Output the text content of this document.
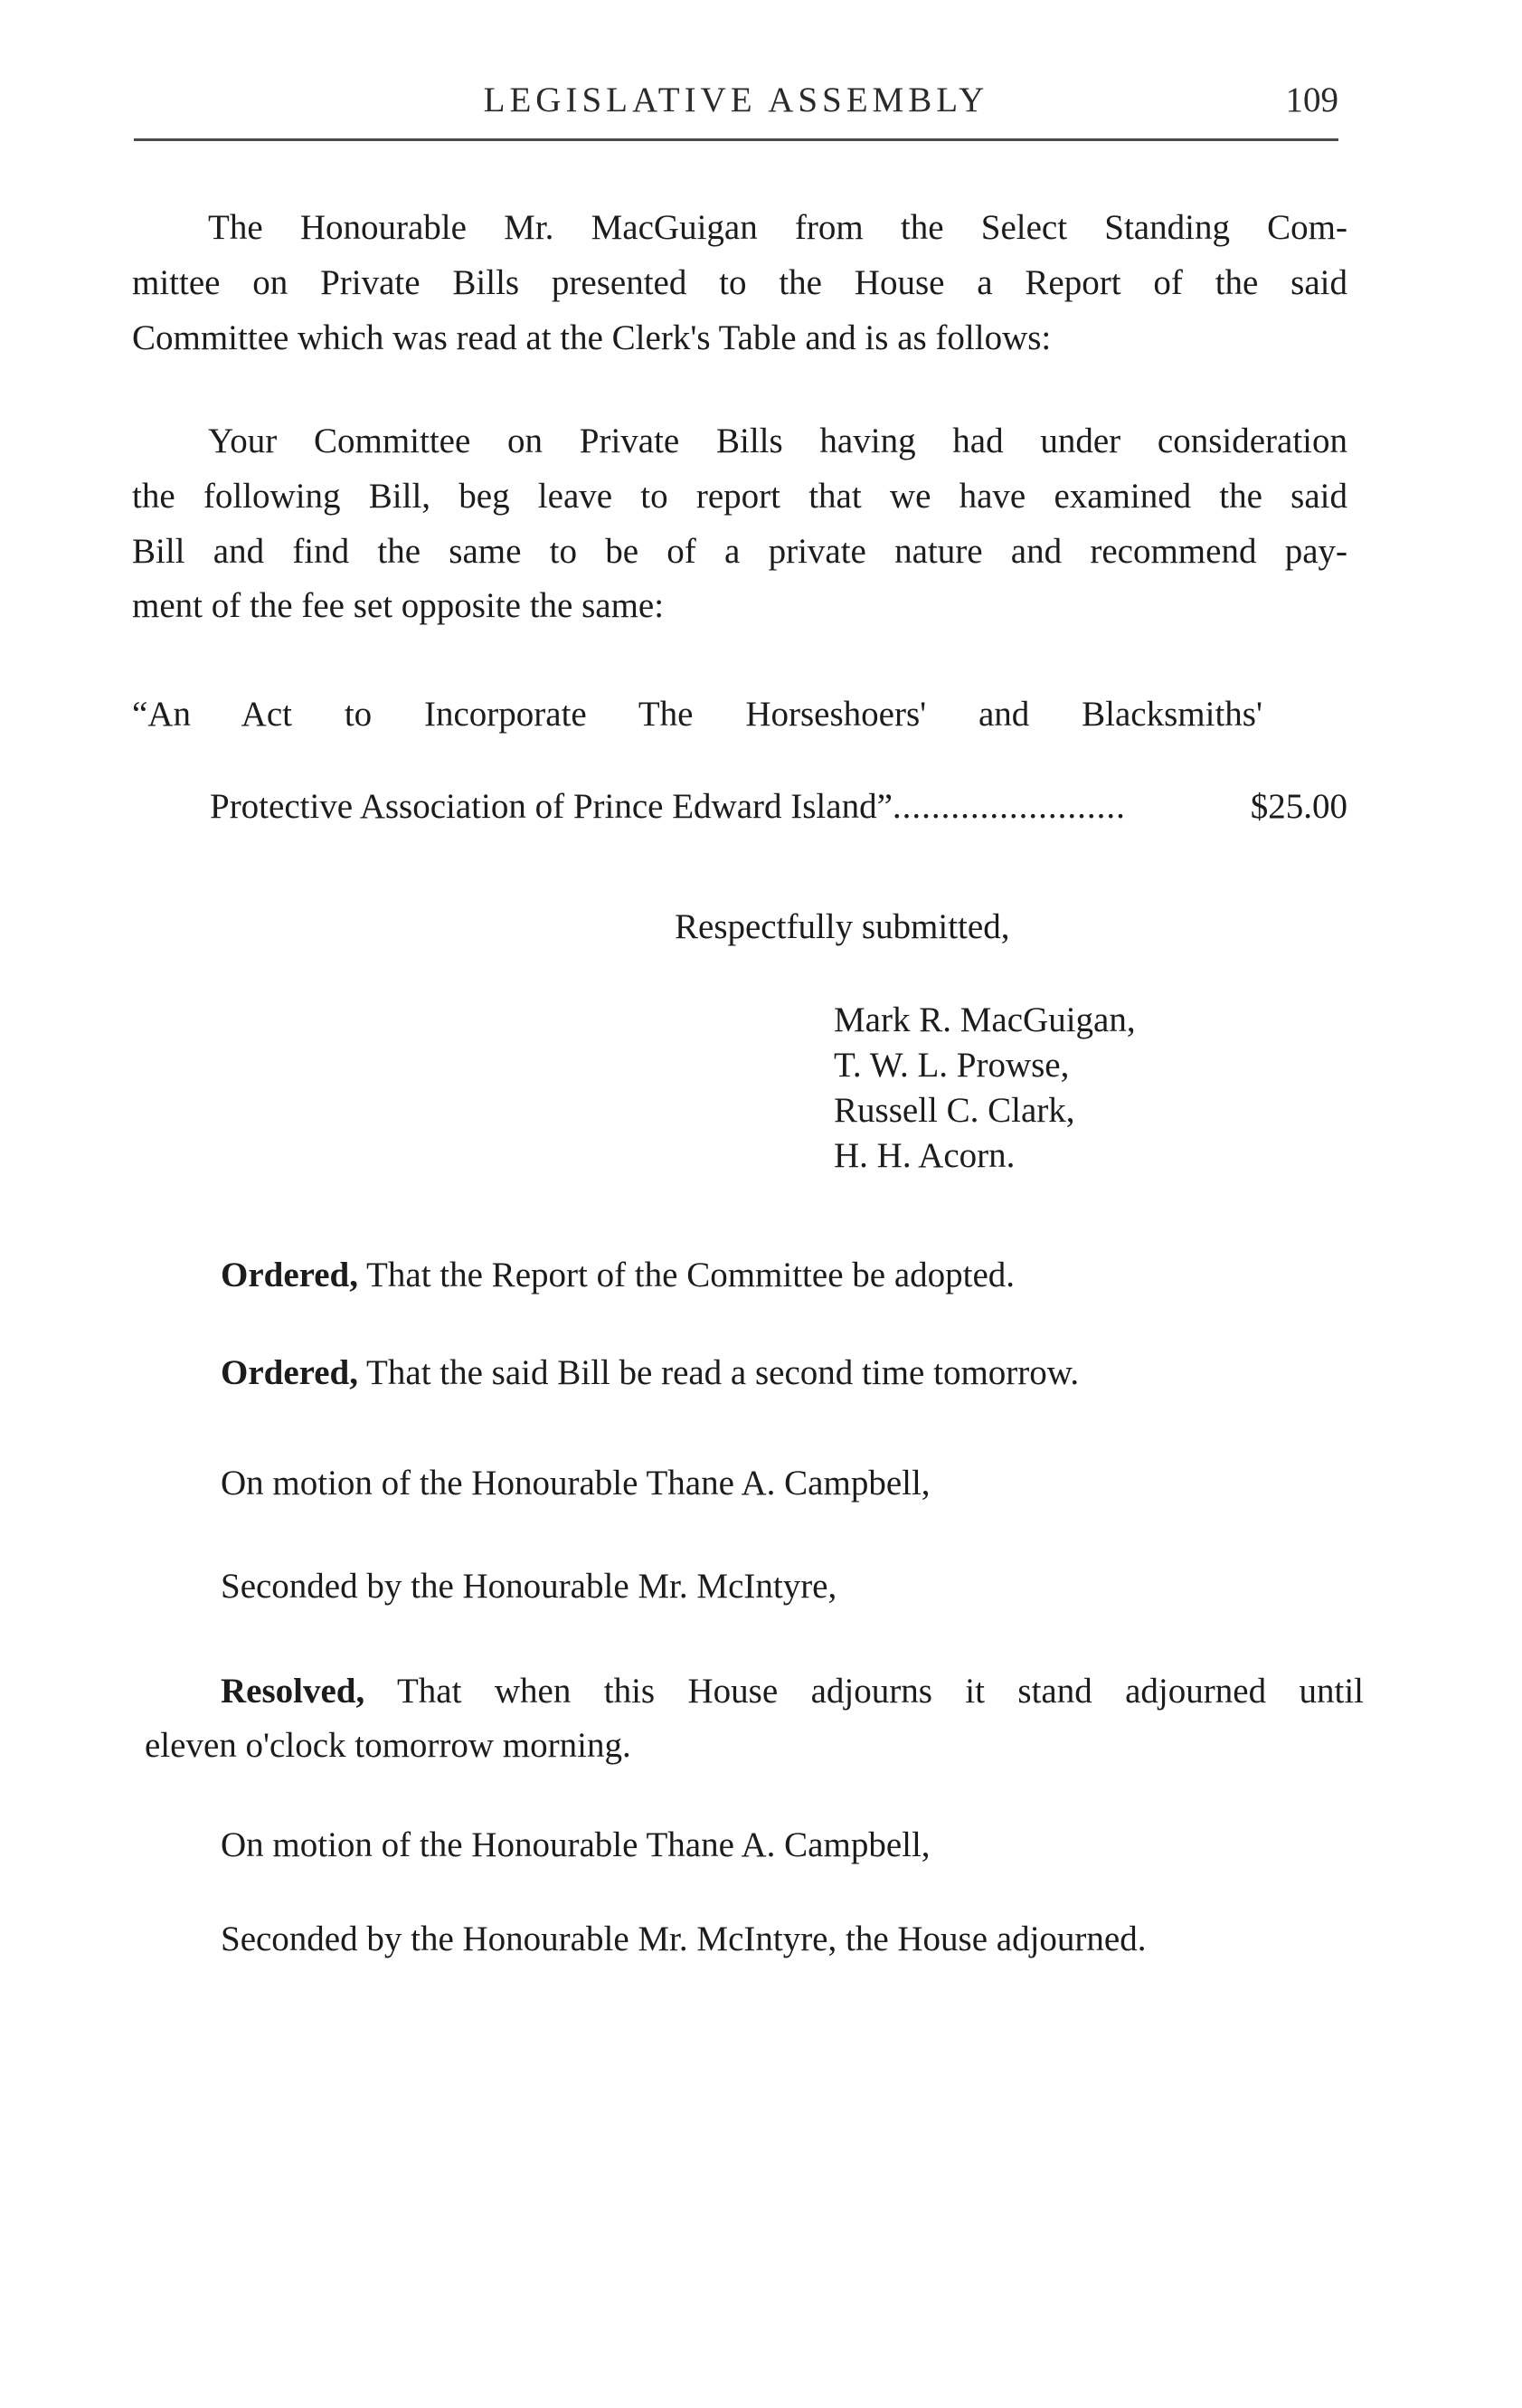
LEGISLATIVE ASSEMBLY	109
The Honourable Mr. MacGuigan from the Select Standing Com-
mittee on Private Bills presented to the House a Report of the said
Committee which was read at the Clerk's Table and is as follows:
Your Committee on Private Bills having had under consideration
the following Bill, beg leave to report that we have examined the said
Bill and find the same to be of a private nature and recommend pay-
ment of the fee set opposite the same:
“An Act to Incorporate The Horseshoers' and Blacksmiths'
Protective Association of Prince Edward Island”........................	$25.00
Respectfully submitted,
Mark R. MacGuigan,
T. W. L. Prowse,
Russell C. Clark,
H. H. Acorn.
Ordered, That the Report of the Committee be adopted.
Ordered, That the said Bill be read a second time tomorrow.
On motion of the Honourable Thane A. Campbell,
Seconded by the Honourable Mr. McIntyre,
Resolved, That when this House adjourns it stand adjourned until
eleven o'clock tomorrow morning.
On motion of the Honourable Thane A. Campbell,
Seconded by the Honourable Mr. McIntyre, the House adjourned.
